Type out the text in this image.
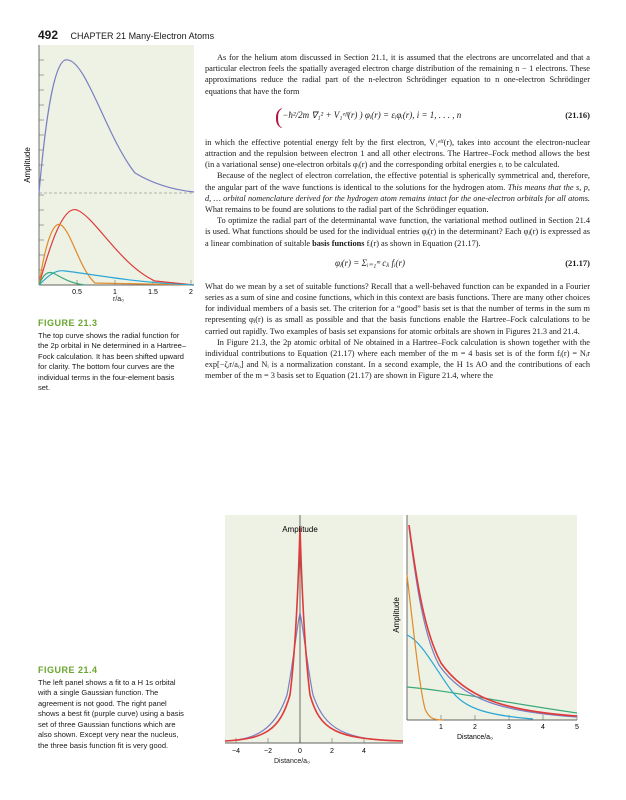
492 CHAPTER 21 Many-Electron Atoms
Amplitude
0.5	1	1.5	2
r/a₀
FIGURE 21.3
The top curve shows the radial function for the 2p orbital in Ne determined in a Hartree–Fock calculation. It has been shifted upward for clarity. The bottom four curves are the individual terms in the four-element basis set.

As for the helium atom discussed in Section 21.1, it is assumed that the electrons are uncorrelated and that a particular electron feels the spatially averaged electron charge distribution of the remaining n − 1 electrons. These approximations reduce the radial part of the n-electron Schrödinger equation to n one-electron Schrödinger equations that have the form

(−ħ²/2m ∇₁² + V₁ᵉᶠᶠ(r) ) φᵢ(r) = εᵢφᵢ(r), i = 1, . . . , n	(21.16)

in which the effective potential energy felt by the first electron, V₁ᵉᶠᶠ(r), takes into account the electron-nuclear attraction and the repulsion between electron 1 and all other electrons. The Hartree–Fock method allows the best (in a variational sense) one-electron orbitals φᵢ(r) and the corresponding orbital energies εᵢ to be calculated.

Because of the neglect of electron correlation, the effective potential is spherically symmetrical and, therefore, the angular part of the wave functions is identical to the solutions for the hydrogen atom. This means that the s, p, d, … orbital nomenclature derived for the hydrogen atom remains intact for the one-electron orbitals for all atoms. What remains to be found are solutions to the radial part of the Schrödinger equation.

To optimize the radial part of the determinantal wave function, the variational method outlined in Section 21.4 is used. What functions should be used for the individual entries φⱼ(r) in the determinant? Each φⱼ(r) is expressed as a linear combination of suitable basis functions fᵢ(r) as shown in Equation (21.17).

φⱼ(r) = Σᵢ₌₁ᵐ cⱼᵢ fᵢ(r)	(21.17)

What do we mean by a set of suitable functions? Recall that a well-behaved function can be expanded in a Fourier series as a sum of sine and cosine functions, which in this context are basis functions. There are many other choices for individual members of a basis set. The criterion for a “good” basis set is that the number of terms in the sum m representing φⱼ(r) is as small as possible and that the basis functions enable the Hartree–Fock calculations to be carried out rapidly. Two examples of basis set expansions for atomic orbitals are shown in Figures 21.3 and 21.4.

In Figure 21.3, the 2p atomic orbital of Ne obtained in a Hartree–Fock calculation is shown together with the individual contributions to Equation (21.17) where each member of the m = 4 basis set is of the form fᵢ(r) = Nᵢr exp[−ζᵢr/a₀] and Nᵢ is a normalization constant. In a second example, the H 1s AO and the contributions of each member of the m = 3 basis set to Equation (21.17) are shown in Figure 21.4, where the

Amplitude
−4	−2	0	2	4
Distance/a₀
Amplitude
1	2	3	4	5
Distance/a₀
FIGURE 21.4
The left panel shows a fit to a H 1s orbital with a single Gaussian function. The agreement is not good. The right panel shows a best fit (purple curve) using a basis set of three Gaussian functions which are also shown. Except very near the nucleus, the three basis function fit is very good.
